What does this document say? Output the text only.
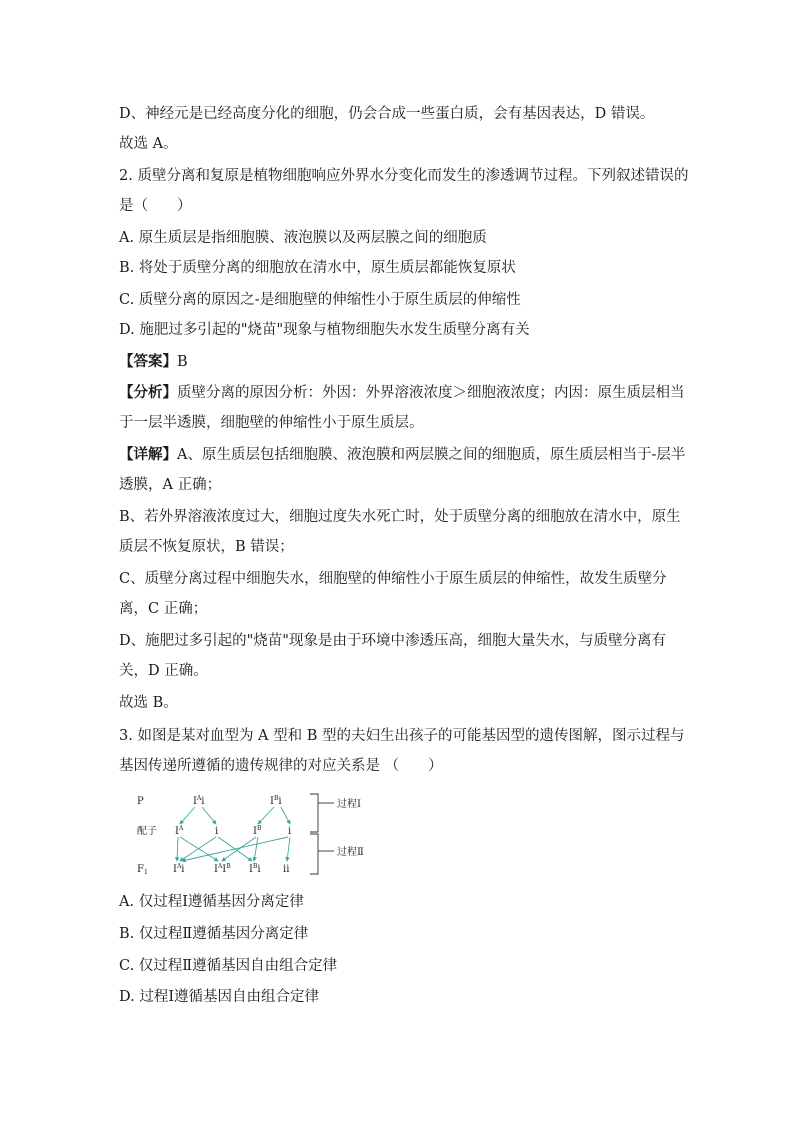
D、神经元是已经高度分化的细胞，仍会合成一些蛋白质，会有基因表达，D 错误。
故选 A。
2. 质壁分离和复原是植物细胞响应外界水分变化而发生的渗透调节过程。下列叙述错误的
是（　　）
A. 原生质层是指细胞膜、液泡膜以及两层膜之间的细胞质
B. 将处于质壁分离的细胞放在清水中，原生质层都能恢复原状
C. 质壁分离的原因之-是细胞壁的伸缩性小于原生质层的伸缩性
D. 施肥过多引起的"烧苗"现象与植物细胞失水发生质壁分离有关
【答案】B
【分析】质壁分离的原因分析：外因：外界溶液浓度＞细胞液浓度；内因：原生质层相当
于一层半透膜，细胞壁的伸缩性小于原生质层。
【详解】A、原生质层包括细胞膜、液泡膜和两层膜之间的细胞质，原生质层相当于-层半
透膜，A 正确；
B、若外界溶液浓度过大，细胞过度失水死亡时，处于质壁分离的细胞放在清水中，原生
质层不恢复原状，B 错误；
C、质壁分离过程中细胞失水，细胞壁的伸缩性小于原生质层的伸缩性，故发生质壁分
离，C 正确；
D、施肥过多引起的"烧苗"现象是由于环境中渗透压高，细胞大量失水，与质壁分离有
关，D 正确。
故选 B。
3. 如图是某对血型为 A 型和 B 型的夫妇生出孩子的可能基因型的遗传图解，图示过程与
基因传递所遵循的遗传规律的对应关系是 （　　）
P
配子
$F_1$
$I^Ai$	$I^Bi$
$I^A$	i	$I^B$	i
$I^Ai$	$I^AI^B$ $I^Bi$ ii
过程Ⅰ
过程Ⅱ
A. 仅过程Ⅰ遵循基因分离定律
B. 仅过程Ⅱ遵循基因分离定律
C. 仅过程Ⅱ遵循基因自由组合定律
D. 过程Ⅰ遵循基因自由组合定律
